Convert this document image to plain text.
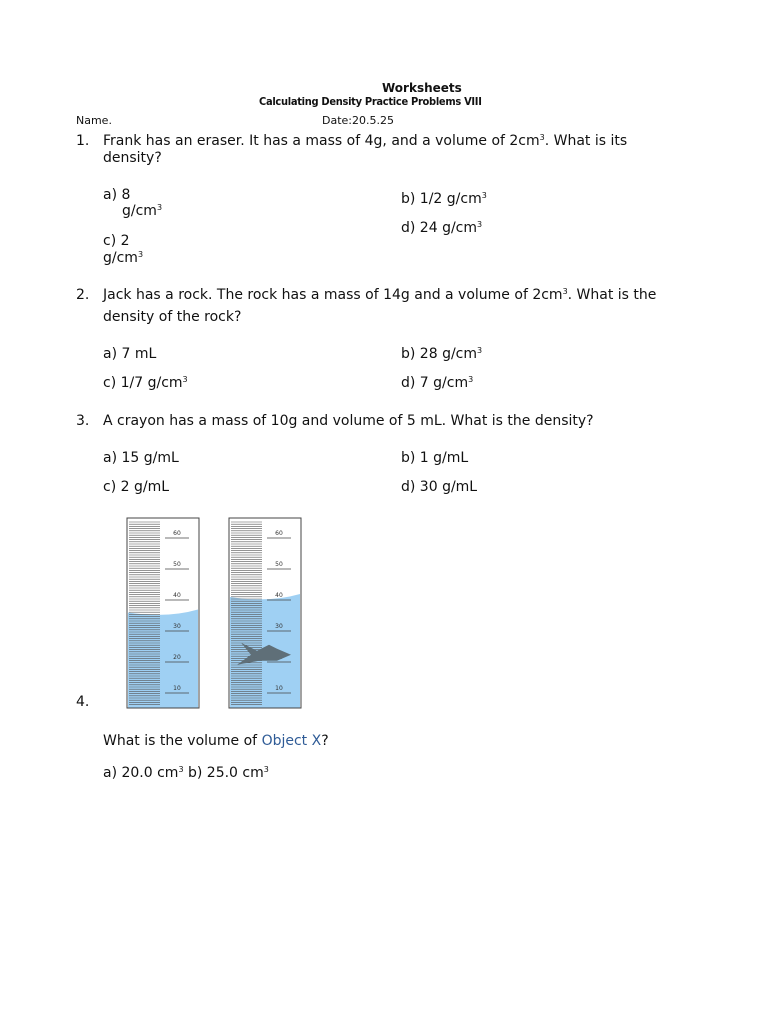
Worksheets
Calculating Density Practice Problems VIII
Name.	Date:20.5.25
1. Frank has an eraser. It has a mass of 4g, and a volume of $2cm^3$. What is its
density?
a) 8
$g/cm^3$
b) 1/2 $g/cm^3$
d) 24 $g/cm^3$
c) 2
$g/cm^3$
2. Jack has a rock. The rock has a mass of 14g and a volume of $2cm^3$. What is the
density of the rock?
a) 7 mL	b) 28 $g/cm^3$
c) 1/7 $g/cm^3$	d) 7 $g/cm^3$
3. A crayon has a mass of 10g and volume of 5 mL. What is the density?
a) 15 g/mL	b) 1 g/mL
c) 2 g/mL	d) 30 g/mL
60
50
40
30
20
10
60
50
40
30
10
4.
What is the volume of Object X?
a) 20.0 $cm^3$ b) 25.0 $cm^3$
